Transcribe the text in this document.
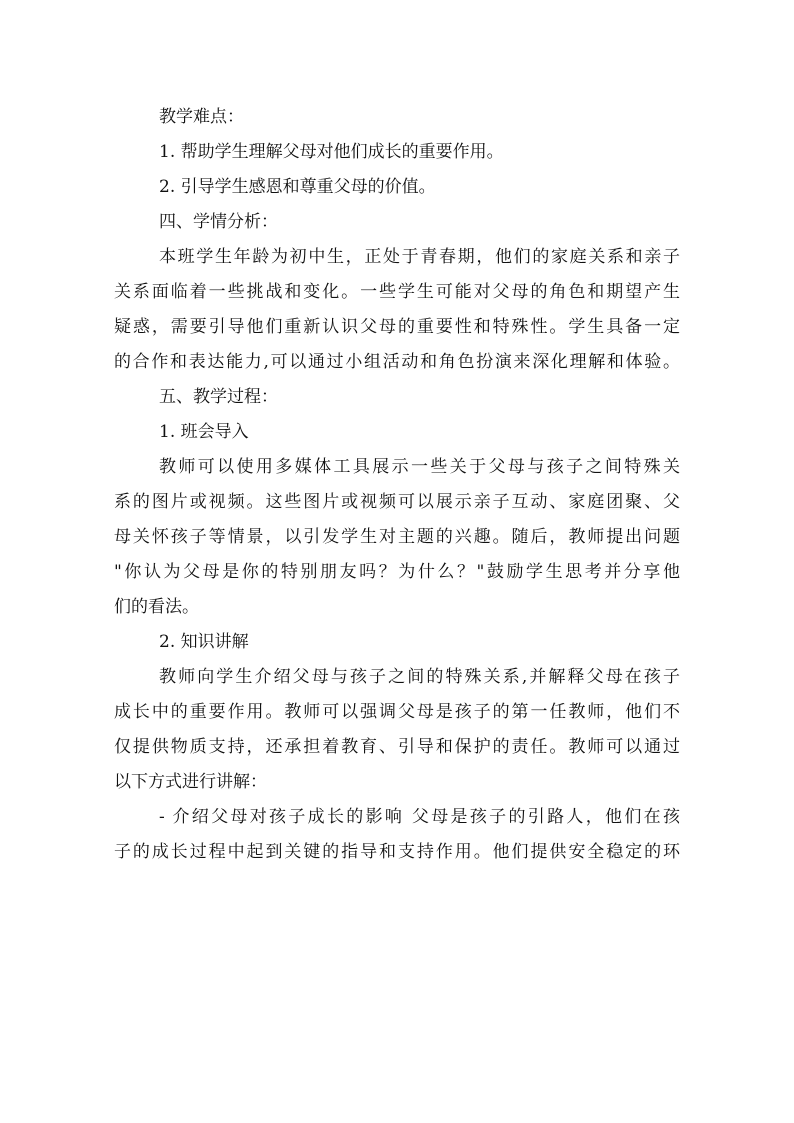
教学难点：
1. 帮助学生理解父母对他们成长的重要作用。
2. 引导学生感恩和尊重父母的价值。
四、学情分析：
本班学生年龄为初中生，正处于青春期，他们的家庭关系和亲子
关系面临着一些挑战和变化。一些学生可能对父母的角色和期望产生
疑惑，需要引导他们重新认识父母的重要性和特殊性。学生具备一定
的合作和表达能力,可以通过小组活动和角色扮演来深化理解和体验。
五、教学过程：
1. 班会导入
教师可以使用多媒体工具展示一些关于父母与孩子之间特殊关
系的图片或视频。这些图片或视频可以展示亲子互动、家庭团聚、父
母关怀孩子等情景，以引发学生对主题的兴趣。随后，教师提出问题
"你认为父母是你的特别朋友吗？为什么？"鼓励学生思考并分享他
们的看法。
2. 知识讲解
教师向学生介绍父母与孩子之间的特殊关系,并解释父母在孩子
成长中的重要作用。教师可以强调父母是孩子的第一任教师，他们不
仅提供物质支持，还承担着教育、引导和保护的责任。教师可以通过
以下方式进行讲解：
- 介绍父母对孩子成长的影响 父母是孩子的引路人，他们在孩
子的成长过程中起到关键的指导和支持作用。他们提供安全稳定的环
